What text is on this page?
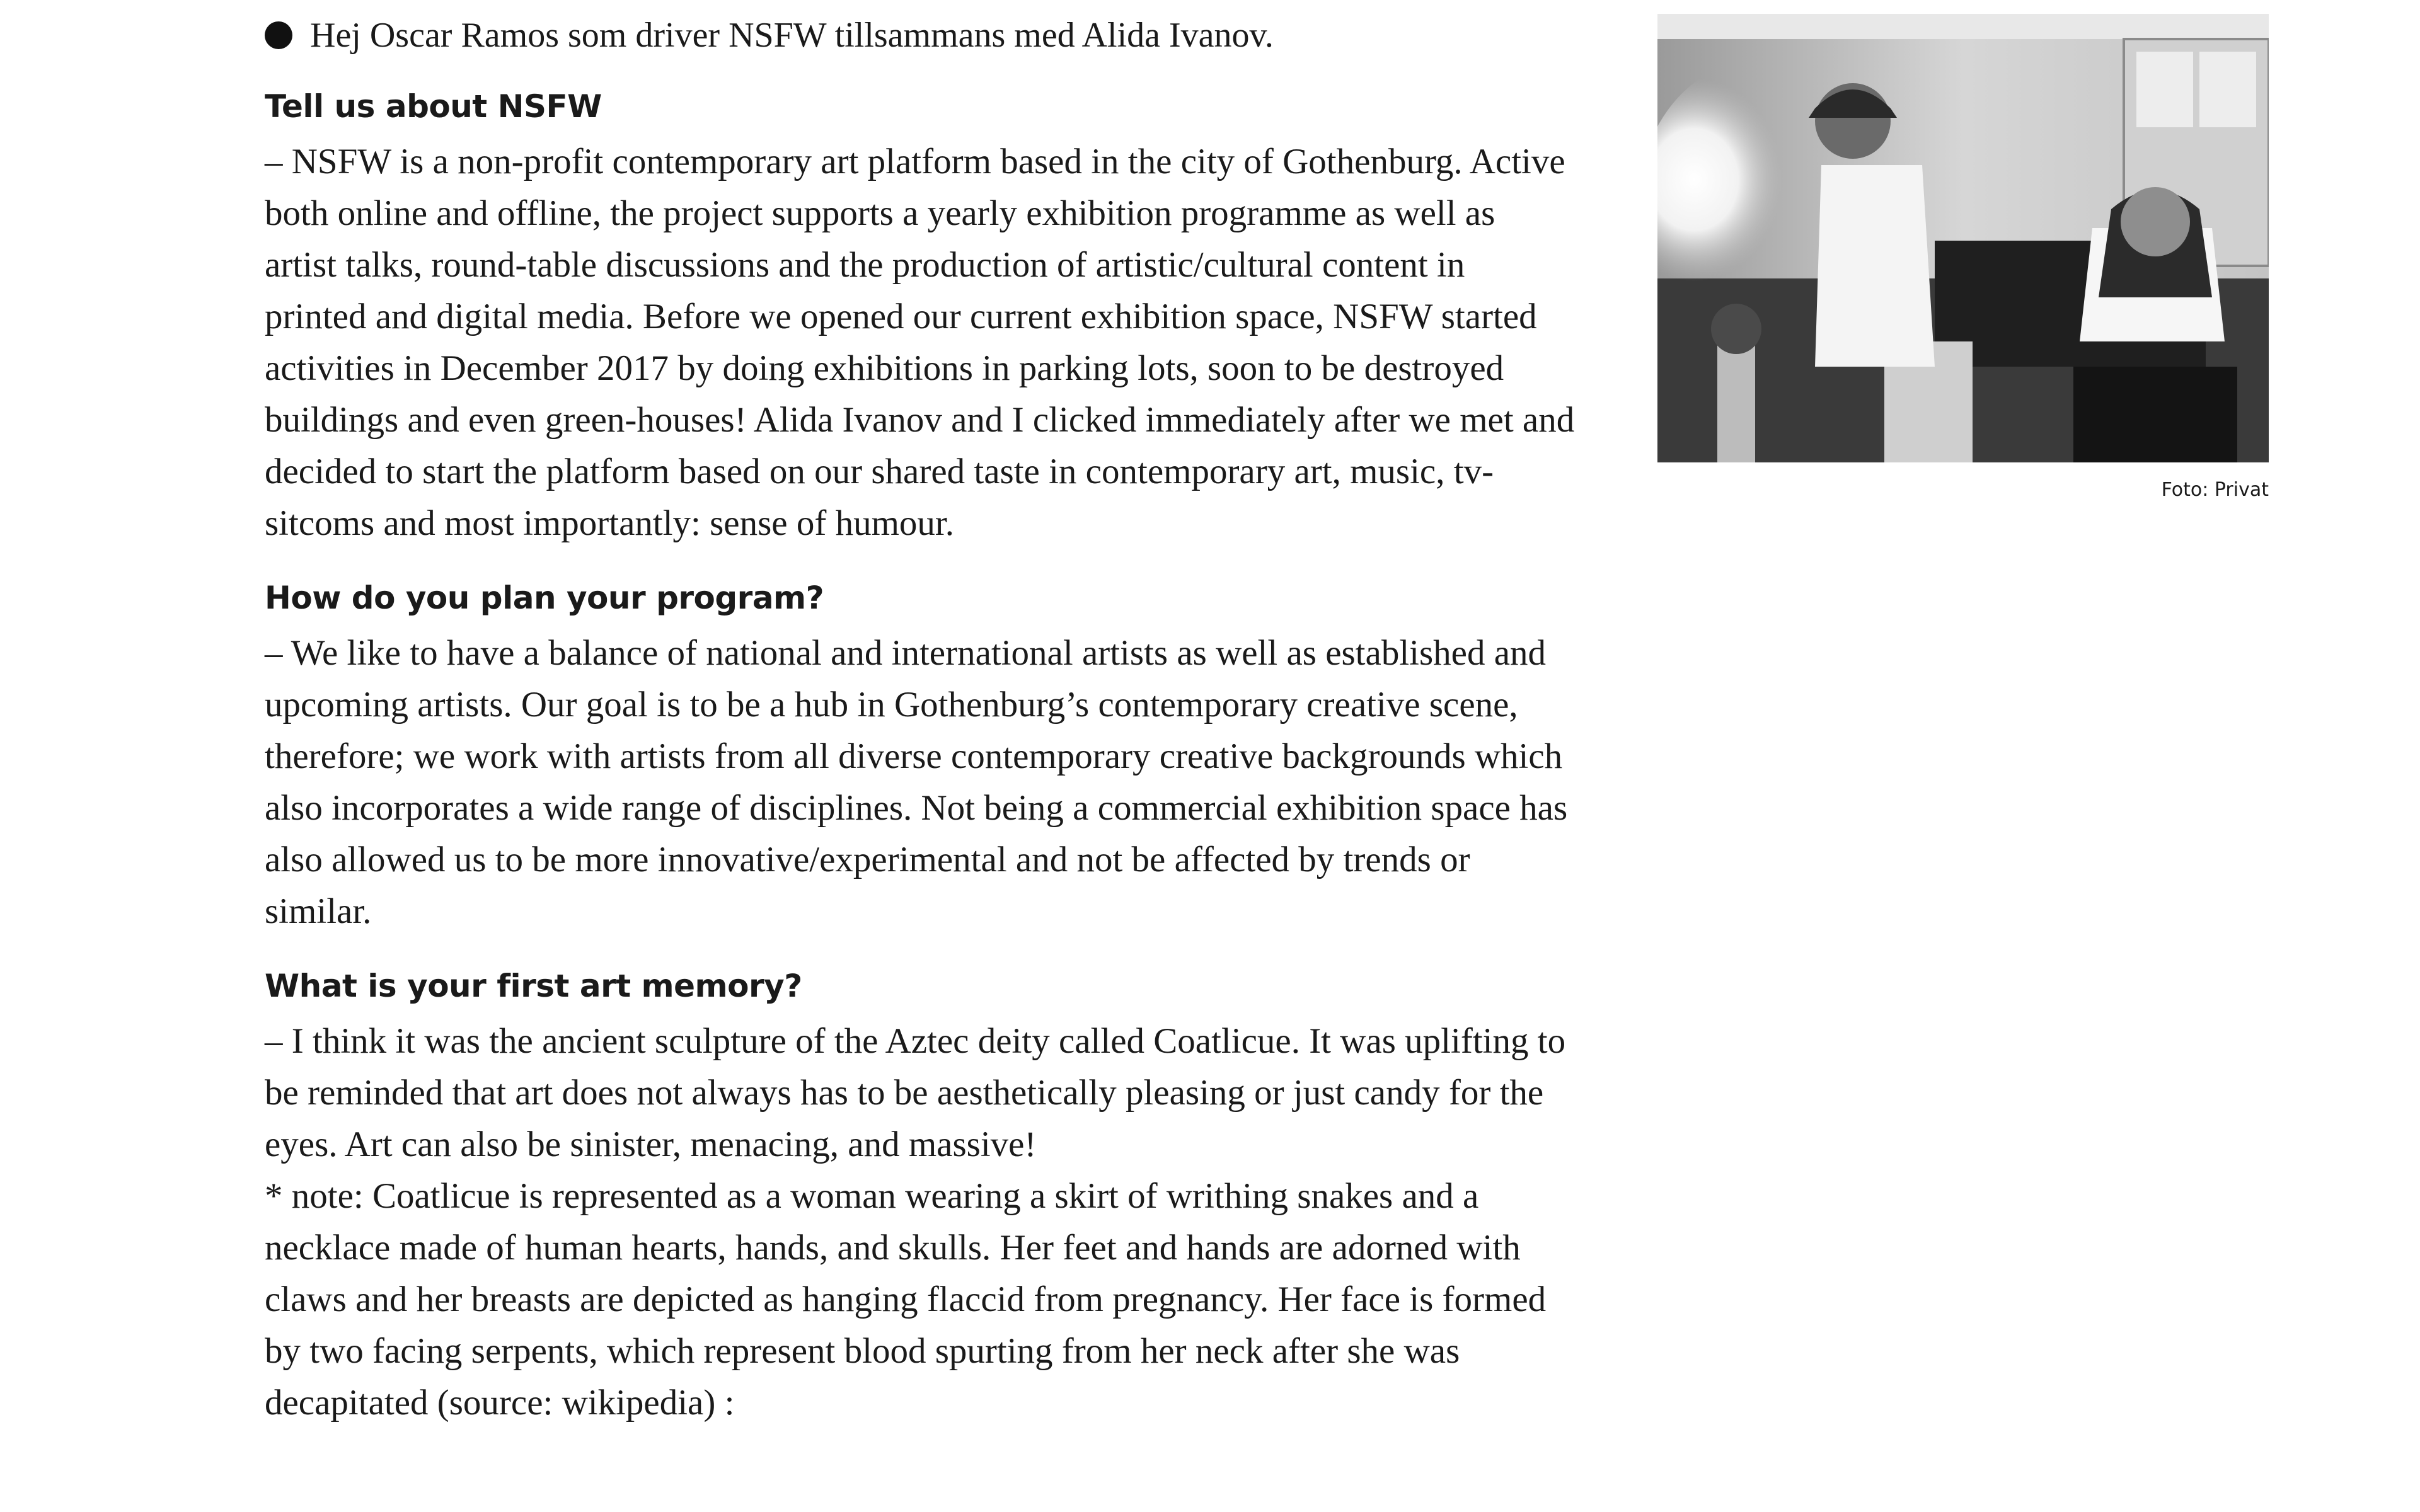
Hej Oscar Ramos som driver NSFW tillsammans med Alida Ivanov.
Tell us about NSFW

– NSFW is a non-profit contemporary art platform based in the city of Gothenburg. Active both online and offline, the project supports a yearly exhibition programme as well as artist talks, round-table discussions and the production of artistic/cultural content in printed and digital media. Before we opened our current exhibition space, NSFW started activities in December 2017 by doing exhibitions in parking lots, soon to be destroyed buildings and even green-houses! Alida Ivanov and I clicked immediately after we met and decided to start the platform based on our shared taste in contemporary art, music, tv-sitcoms and most importantly: sense of humour.

How do you plan your program?

– We like to have a balance of national and international artists as well as established and upcoming artists. Our goal is to be a hub in Gothenburg’s contemporary creative scene, therefore; we work with artists from all diverse contemporary creative backgrounds which also incorporates a wide range of disciplines. Not being a commercial exhibition space has also allowed us to be more innovative/experimental and not be affected by trends or similar.

What is your first art memory?

– I think it was the ancient sculpture of the Aztec deity called Coatlicue. It was uplifting to be reminded that art does not always has to be aesthetically pleasing or just candy for the eyes. Art can also be sinister, menacing, and massive!

* note: Coatlicue is represented as a woman wearing a skirt of writhing snakes and a necklace made of human hearts, hands, and skulls. Her feet and hands are adorned with claws and her breasts are depicted as hanging flaccid from pregnancy. Her face is formed by two facing serpents, which represent blood spurting from her neck after she was decapitated (source: wikipedia) :

Foto: Privat
